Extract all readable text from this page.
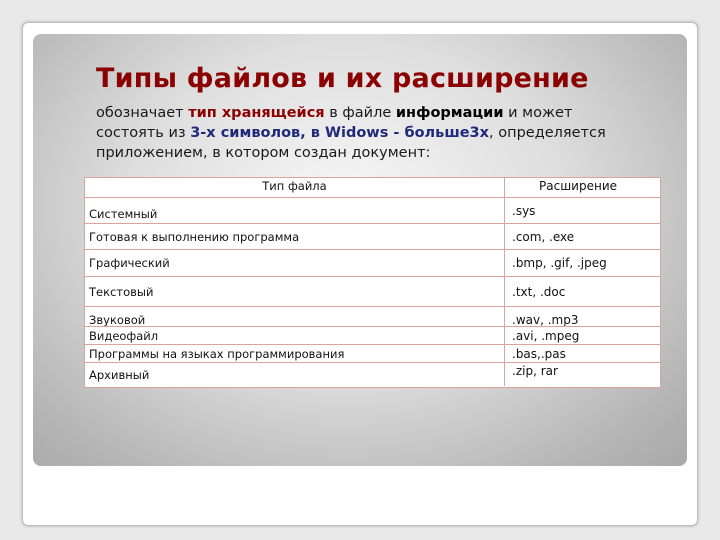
Типы файлов и их расширение
обозначает тип хранящейся в файле информации и может
состоять из 3-х символов, в Widows - больше3х, определяется
приложением, в котором создан документ:
Тип файла	Расширение
Системный	.sys
Готовая к выполнению программа	.com, .exe
Графический	.bmp, .gif, .jpeg
Текстовый	.txt, .doc
Звуковой	.wav, .mp3
Видеофайл	.avi, .mpeg
Программы на языках программирования	.bas,.pas
Архивный	.zip, rar
